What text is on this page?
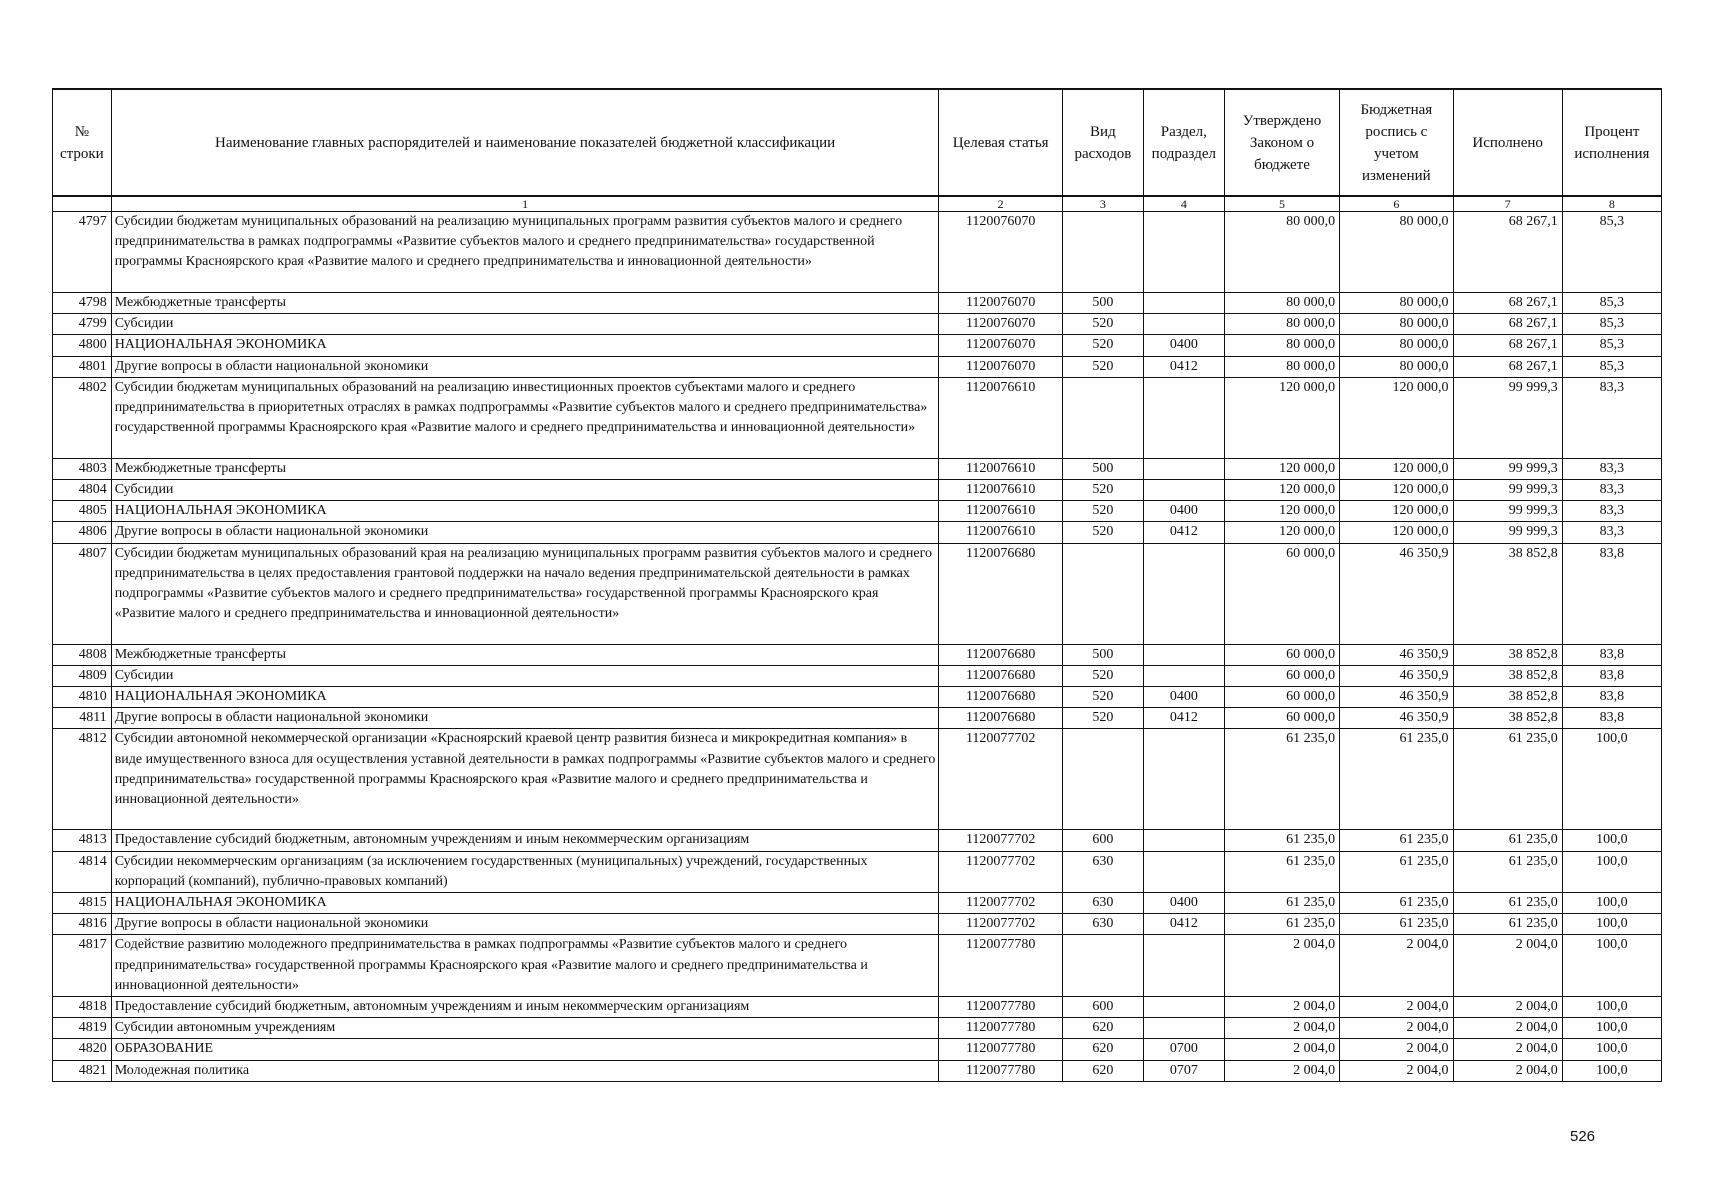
№ строки	Наименование главных распорядителей и наименование показателей бюджетной классификации	Целевая статья	Вид расходов	Раздел, подраздел	Утверждено Законом о бюджете	Бюджетная роспись с учетом изменений	Исполнено	Процент исполнения
	1	2	3	4	5	6	7	8
4797	Субсидии бюджетам муниципальных образований на реализацию муниципальных программ развития субъектов малого и среднего предпринимательства в рамках подпрограммы «Развитие субъектов малого и среднего предпринимательства» государственной программы Красноярского края «Развитие малого и среднего предпринимательства и инновационной деятельности»	1120076070			80 000,0	80 000,0	68 267,1	85,3
4798	Межбюджетные трансферты	1120076070	500		80 000,0	80 000,0	68 267,1	85,3
4799	Субсидии	1120076070	520		80 000,0	80 000,0	68 267,1	85,3
4800	НАЦИОНАЛЬНАЯ ЭКОНОМИКА	1120076070	520	0400	80 000,0	80 000,0	68 267,1	85,3
4801	Другие вопросы в области национальной экономики	1120076070	520	0412	80 000,0	80 000,0	68 267,1	85,3
4802	Субсидии бюджетам муниципальных образований на реализацию инвестиционных проектов субъектами малого и среднего предпринимательства в приоритетных отраслях в рамках подпрограммы «Развитие субъектов малого и среднего предпринимательства» государственной программы Красноярского края «Развитие малого и среднего предпринимательства и инновационной деятельности»	1120076610			120 000,0	120 000,0	99 999,3	83,3
4803	Межбюджетные трансферты	1120076610	500		120 000,0	120 000,0	99 999,3	83,3
4804	Субсидии	1120076610	520		120 000,0	120 000,0	99 999,3	83,3
4805	НАЦИОНАЛЬНАЯ ЭКОНОМИКА	1120076610	520	0400	120 000,0	120 000,0	99 999,3	83,3
4806	Другие вопросы в области национальной экономики	1120076610	520	0412	120 000,0	120 000,0	99 999,3	83,3
4807	Субсидии бюджетам муниципальных образований края на реализацию муниципальных программ развития субъектов малого и среднего предпринимательства в целях предоставления грантовой поддержки на начало ведения предпринимательской деятельности в рамках подпрограммы «Развитие субъектов малого и среднего предпринимательства» государственной программы Красноярского края «Развитие малого и среднего предпринимательства и инновационной деятельности»	1120076680			60 000,0	46 350,9	38 852,8	83,8
4808	Межбюджетные трансферты	1120076680	500		60 000,0	46 350,9	38 852,8	83,8
4809	Субсидии	1120076680	520		60 000,0	46 350,9	38 852,8	83,8
4810	НАЦИОНАЛЬНАЯ ЭКОНОМИКА	1120076680	520	0400	60 000,0	46 350,9	38 852,8	83,8
4811	Другие вопросы в области национальной экономики	1120076680	520	0412	60 000,0	46 350,9	38 852,8	83,8
4812	Субсидии автономной некоммерческой организации «Красноярский краевой центр развития бизнеса и микрокредитная компания» в виде имущественного взноса для осуществления уставной деятельности в рамках подпрограммы «Развитие субъектов малого и среднего предпринимательства» государственной программы Красноярского края «Развитие малого и среднего предпринимательства и инновационной деятельности»	1120077702			61 235,0	61 235,0	61 235,0	100,0
4813	Предоставление субсидий бюджетным, автономным учреждениям и иным некоммерческим организациям	1120077702	600		61 235,0	61 235,0	61 235,0	100,0
4814	Субсидии некоммерческим организациям (за исключением государственных (муниципальных) учреждений, государственных корпораций (компаний), публично-правовых компаний)	1120077702	630		61 235,0	61 235,0	61 235,0	100,0
4815	НАЦИОНАЛЬНАЯ ЭКОНОМИКА	1120077702	630	0400	61 235,0	61 235,0	61 235,0	100,0
4816	Другие вопросы в области национальной экономики	1120077702	630	0412	61 235,0	61 235,0	61 235,0	100,0
4817	Содействие развитию молодежного предпринимательства в рамках подпрограммы «Развитие субъектов малого и среднего предпринимательства» государственной программы Красноярского края «Развитие малого и среднего предпринимательства и инновационной деятельности»	1120077780			2 004,0	2 004,0	2 004,0	100,0
4818	Предоставление субсидий бюджетным, автономным учреждениям и иным некоммерческим организациям	1120077780	600		2 004,0	2 004,0	2 004,0	100,0
4819	Субсидии автономным учреждениям	1120077780	620		2 004,0	2 004,0	2 004,0	100,0
4820	ОБРАЗОВАНИЕ	1120077780	620	0700	2 004,0	2 004,0	2 004,0	100,0
4821	Молодежная политика	1120077780	620	0707	2 004,0	2 004,0	2 004,0	100,0
526
